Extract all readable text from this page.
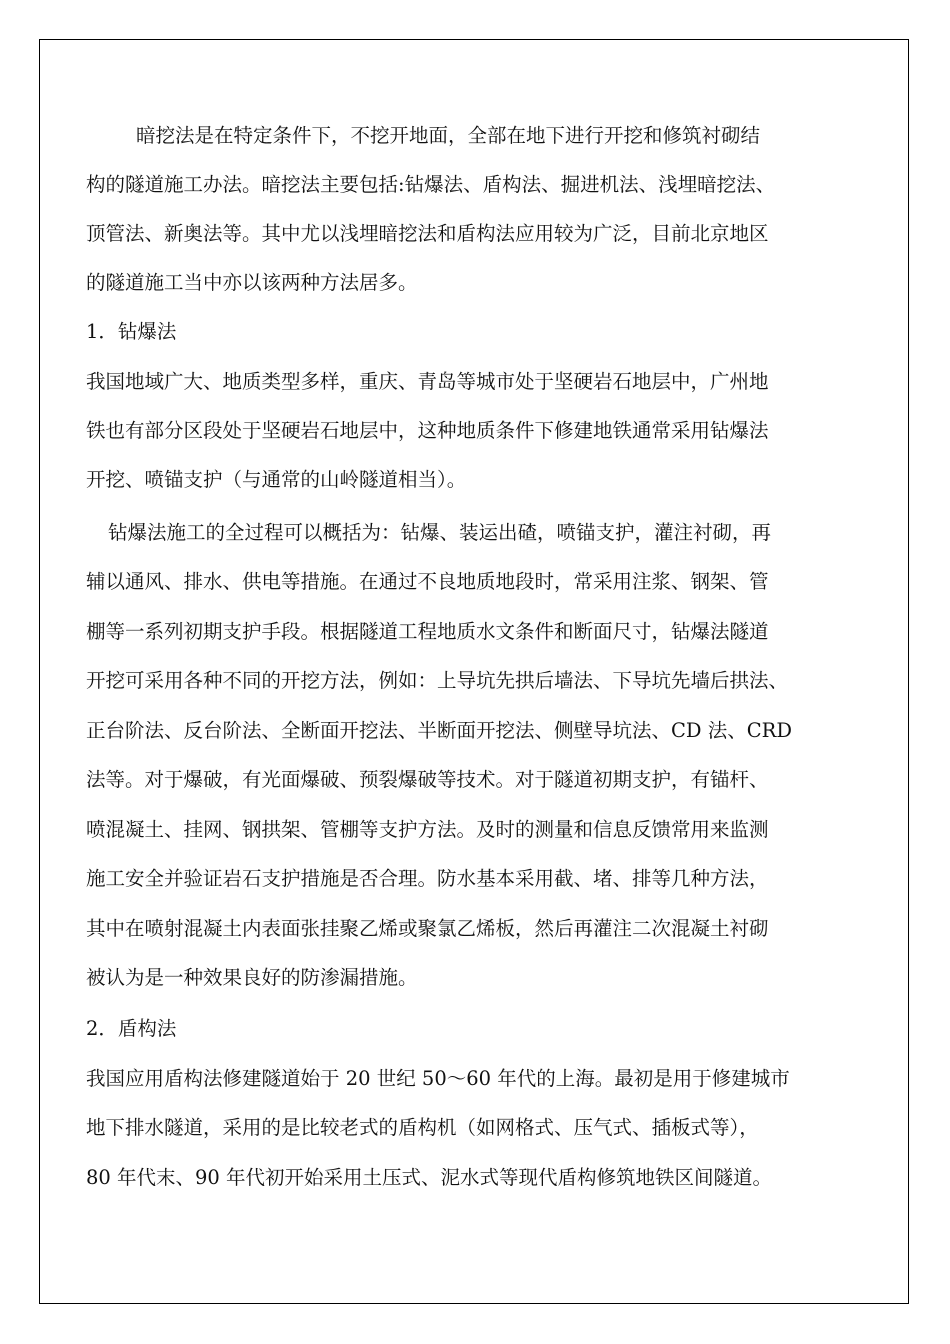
暗挖法是在特定条件下，不挖开地面，全部在地下进行开挖和修筑衬砌结
构的隧道施工办法。暗挖法主要包括:钻爆法、盾构法、掘进机法、浅埋暗挖法、
顶管法、新奥法等。其中尤以浅埋暗挖法和盾构法应用较为广泛，目前北京地区
的隧道施工当中亦以该两种方法居多。
1．钻爆法
我国地域广大、地质类型多样，重庆、青岛等城市处于坚硬岩石地层中，广州地
铁也有部分区段处于坚硬岩石地层中，这种地质条件下修建地铁通常采用钻爆法
开挖、喷锚支护（与通常的山岭隧道相当）。
钻爆法施工的全过程可以概括为：钻爆、装运出碴，喷锚支护，灌注衬砌，再
辅以通风、排水、供电等措施。在通过不良地质地段时，常采用注浆、钢架、管
棚等一系列初期支护手段。根据隧道工程地质水文条件和断面尺寸，钻爆法隧道
开挖可采用各种不同的开挖方法，例如：上导坑先拱后墙法、下导坑先墙后拱法、
正台阶法、反台阶法、全断面开挖法、半断面开挖法、侧壁导坑法、CD 法、CRD
法等。对于爆破，有光面爆破、预裂爆破等技术。对于隧道初期支护，有锚杆、
喷混凝土、挂网、钢拱架、管棚等支护方法。及时的测量和信息反馈常用来监测
施工安全并验证岩石支护措施是否合理。防水基本采用截、堵、排等几种方法，
其中在喷射混凝土内表面张挂聚乙烯或聚氯乙烯板，然后再灌注二次混凝土衬砌
被认为是一种效果良好的防渗漏措施。
2．盾构法
我国应用盾构法修建隧道始于 20 世纪 50～60 年代的上海。最初是用于修建城市
地下排水隧道，采用的是比较老式的盾构机（如网格式、压气式、插板式等），
80 年代末、90 年代初开始采用土压式、泥水式等现代盾构修筑地铁区间隧道。
